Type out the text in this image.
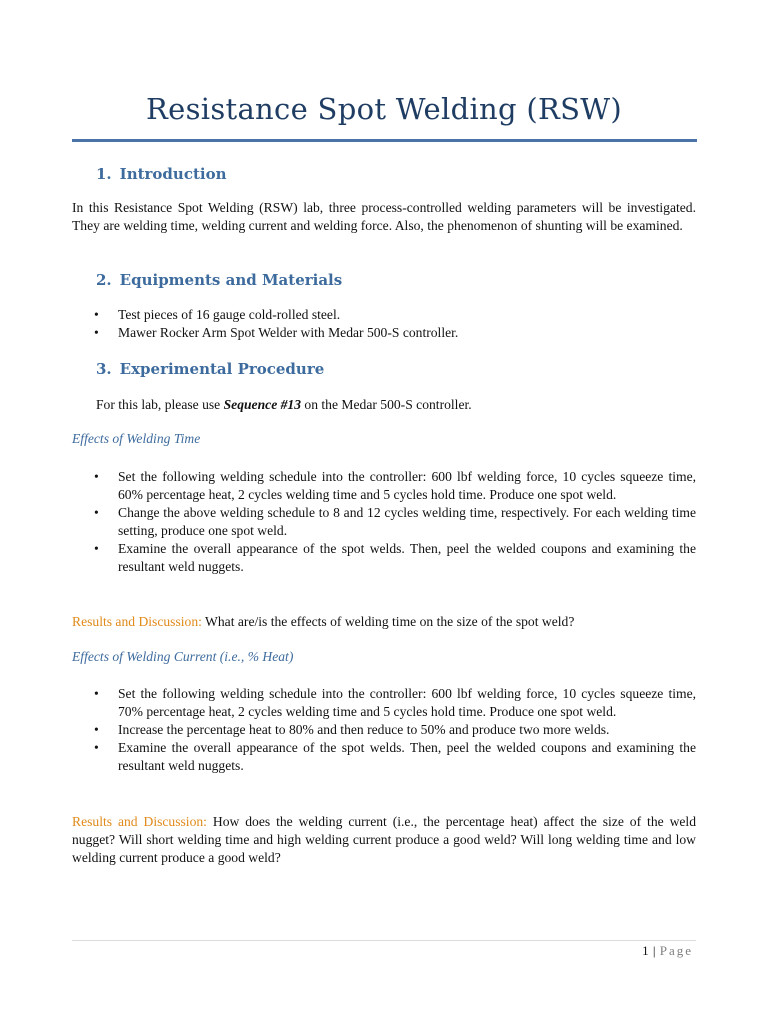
Resistance Spot Welding (RSW)
1. Introduction

In this Resistance Spot Welding (RSW) lab, three process-controlled welding parameters will be investigated. They are welding time, welding current and welding force. Also, the phenomenon of shunting will be examined.

2. Equipments and Materials
• Test pieces of 16 gauge cold-rolled steel.
• Mawer Rocker Arm Spot Welder with Medar 500-S controller.
3. Experimental Procedure

For this lab, please use Sequence #13 on the Medar 500-S controller.

Effects of Welding Time
• Set the following welding schedule into the controller: 600 lbf welding force, 10 cycles squeeze time, 60% percentage heat, 2 cycles welding time and 5 cycles hold time. Produce one spot weld.
• Change the above welding schedule to 8 and 12 cycles welding time, respectively. For each welding time setting, produce one spot weld.
• Examine the overall appearance of the spot welds. Then, peel the welded coupons and examining the resultant weld nuggets.

Results and Discussion: What are/is the effects of welding time on the size of the spot weld?

Effects of Welding Current (i.e., % Heat)
• Set the following welding schedule into the controller: 600 lbf welding force, 10 cycles squeeze time, 70% percentage heat, 2 cycles welding time and 5 cycles hold time. Produce one spot weld.
• Increase the percentage heat to 80% and then reduce to 50% and produce two more welds.
• Examine the overall appearance of the spot welds. Then, peel the welded coupons and examining the resultant weld nuggets.

Results and Discussion: How does the welding current (i.e., the percentage heat) affect the size of the weld nugget? Will short welding time and high welding current produce a good weld? Will long welding time and low welding current produce a good weld?

1 | Page
